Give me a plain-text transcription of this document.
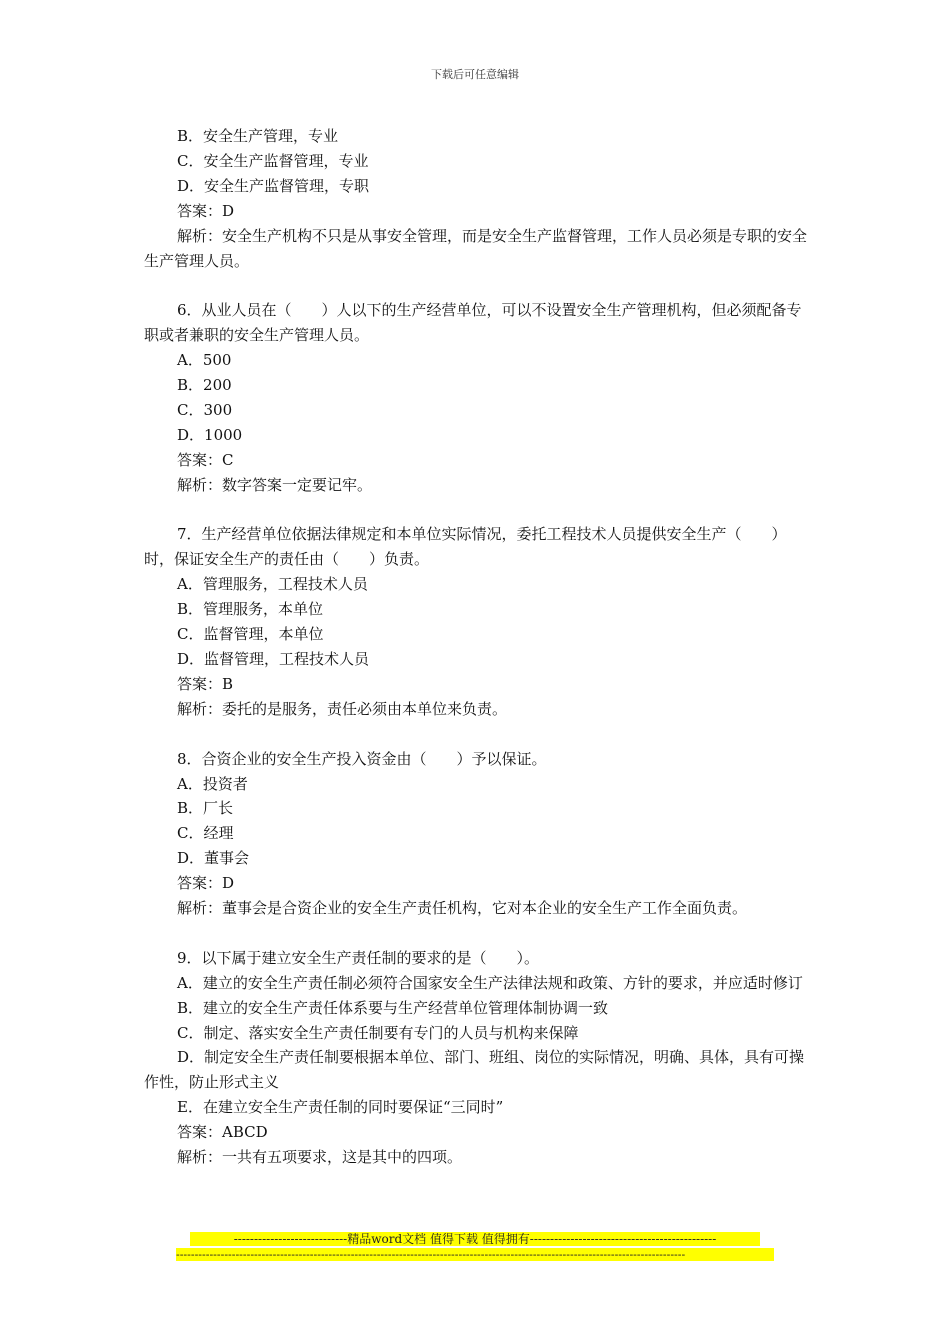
下载后可任意编辑
B．安全生产管理，专业
C．安全生产监督管理，专业
D．安全生产监督管理，专职
答案：D
解析：安全生产机构不只是从事安全管理，而是安全生产监督管理，工作人员必须是专职的安全生产管理人员。
6．从业人员在（　　）人以下的生产经营单位，可以不设置安全生产管理机构，但必须配备专职或者兼职的安全生产管理人员。
A．500
B．200
C．300
D．1000
答案：C
解析：数字答案一定要记牢。
7．生产经营单位依据法律规定和本单位实际情况，委托工程技术人员提供安全生产（　　）时，保证安全生产的责任由（　　）负责。
A．管理服务，工程技术人员
B．管理服务，本单位
C．监督管理，本单位
D．监督管理，工程技术人员
答案：B
解析：委托的是服务，责任必须由本单位来负责。
8．合资企业的安全生产投入资金由（　　）予以保证。
A．投资者
B．厂长
C．经理
D．董事会
答案：D
解析：董事会是合资企业的安全生产责任机构，它对本企业的安全生产工作全面负责。
9．以下属于建立安全生产责任制的要求的是（　　）。
A．建立的安全生产责任制必须符合国家安全生产法律法规和政策、方针的要求，并应适时修订
B．建立的安全生产责任体系要与生产经营单位管理体制协调一致
C．制定、落实安全生产责任制要有专门的人员与机构来保障
D．制定安全生产责任制要根据本单位、部门、班组、岗位的实际情况，明确、具体，具有可操作性，防止形式主义
E．在建立安全生产责任制的同时要保证“三同时”
答案：ABCD
解析：一共有五项要求，这是其中的四项。
----------------------------精品word文档 值得下载 值得拥有----------------------------------------------
-----------------------------------------------------------------------------------------------------------------------------------------
